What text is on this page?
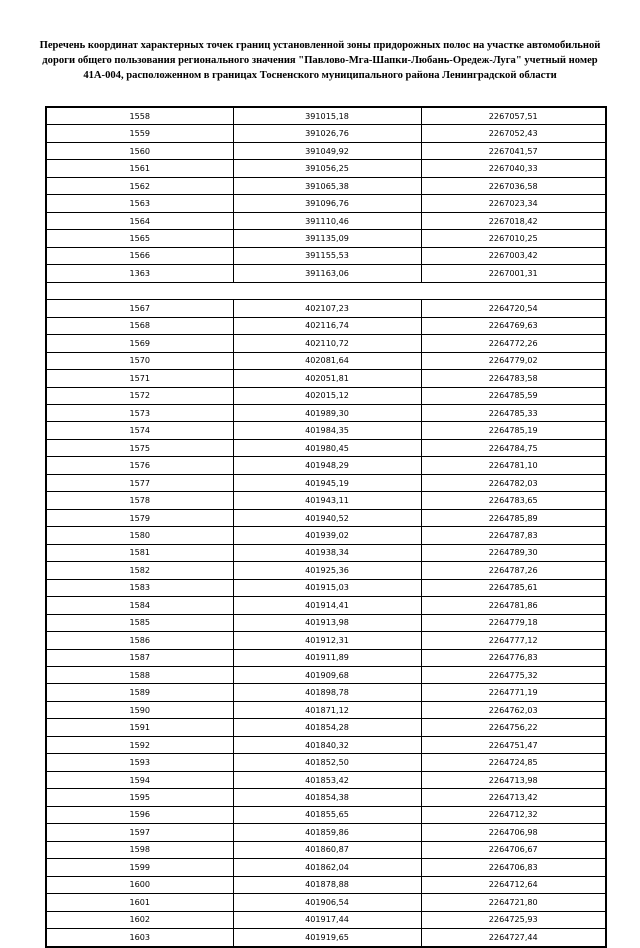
Перечень координат характерных точек границ установленной зоны придорожных полос на участке автомобильной дороги общего пользования регионального значения "Павлово-Мга-Шапки-Любань-Оредеж-Луга" учетный номер 41А-004, расположенном в границах Тосненского муниципального района Ленинградской области
1558	391015,18	2267057,51
1559	391026,76	2267052,43
1560	391049,92	2267041,57
1561	391056,25	2267040,33
1562	391065,38	2267036,58
1563	391096,76	2267023,34
1564	391110,46	2267018,42
1565	391135,09	2267010,25
1566	391155,53	2267003,42
1363	391163,06	2267001,31

1567	402107,23	2264720,54
1568	402116,74	2264769,63
1569	402110,72	2264772,26
1570	402081,64	2264779,02
1571	402051,81	2264783,58
1572	402015,12	2264785,59
1573	401989,30	2264785,33
1574	401984,35	2264785,19
1575	401980,45	2264784,75
1576	401948,29	2264781,10
1577	401945,19	2264782,03
1578	401943,11	2264783,65
1579	401940,52	2264785,89
1580	401939,02	2264787,83
1581	401938,34	2264789,30
1582	401925,36	2264787,26
1583	401915,03	2264785,61
1584	401914,41	2264781,86
1585	401913,98	2264779,18
1586	401912,31	2264777,12
1587	401911,89	2264776,83
1588	401909,68	2264775,32
1589	401898,78	2264771,19
1590	401871,12	2264762,03
1591	401854,28	2264756,22
1592	401840,32	2264751,47
1593	401852,50	2264724,85
1594	401853,42	2264713,98
1595	401854,38	2264713,42
1596	401855,65	2264712,32
1597	401859,86	2264706,98
1598	401860,87	2264706,67
1599	401862,04	2264706,83
1600	401878,88	2264712,64
1601	401906,54	2264721,80
1602	401917,44	2264725,93
1603	401919,65	2264727,44
